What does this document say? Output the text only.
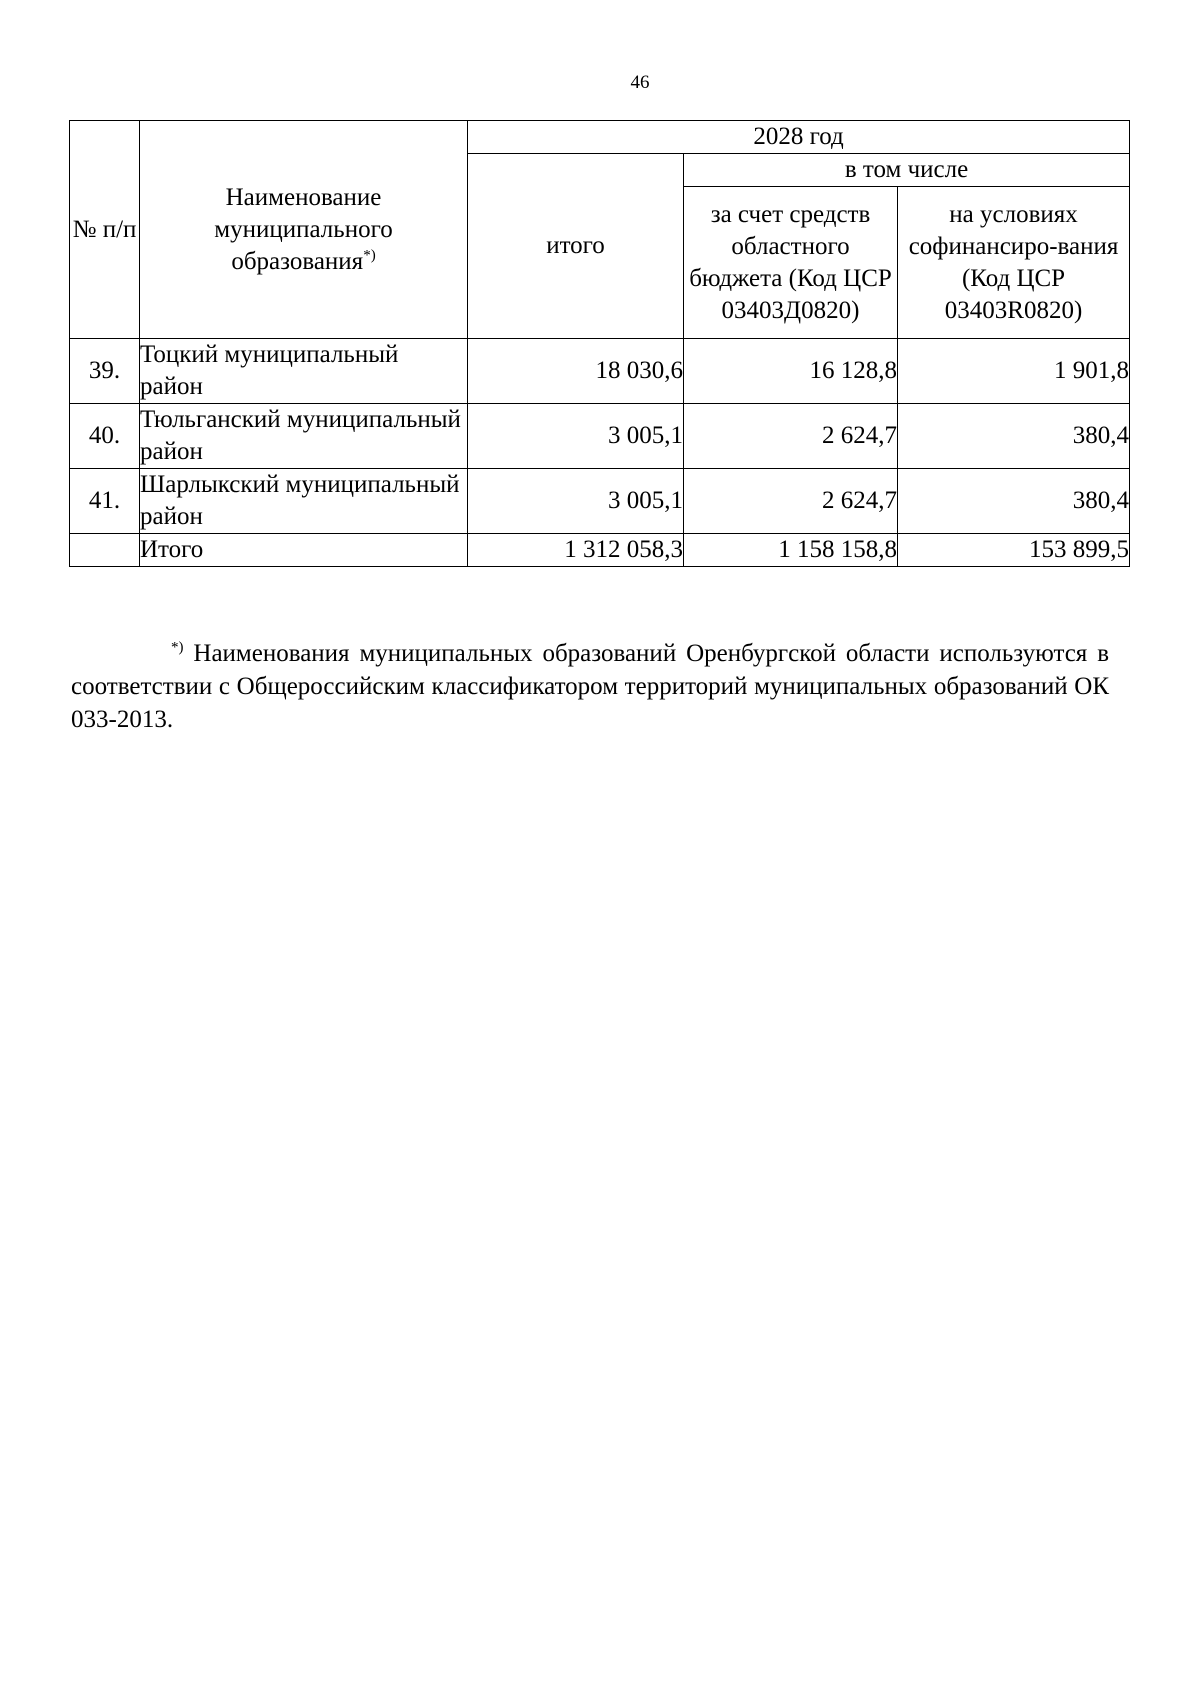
46
№ п/п	Наименование муниципального образования*)	2028 год		
		итого	в том числе	
			за счет средств областного бюджета (Код ЦСР 03403Д0820)	на условиях софинансиро-вания (Код ЦСР 03403R0820)
39.	Тоцкий муниципальный район	18 030,6	16 128,8	1 901,8
40.	Тюльганский муниципальный район	3 005,1	2 624,7	380,4
41.	Шарлыкский муниципальный район	3 005,1	2 624,7	380,4
	Итого	1 312 058,3	1 158 158,8	153 899,5

*) Наименования муниципальных образований Оренбургской области используются в соответствии с Общероссийским классификатором территорий муниципальных образований ОК 033-2013.
